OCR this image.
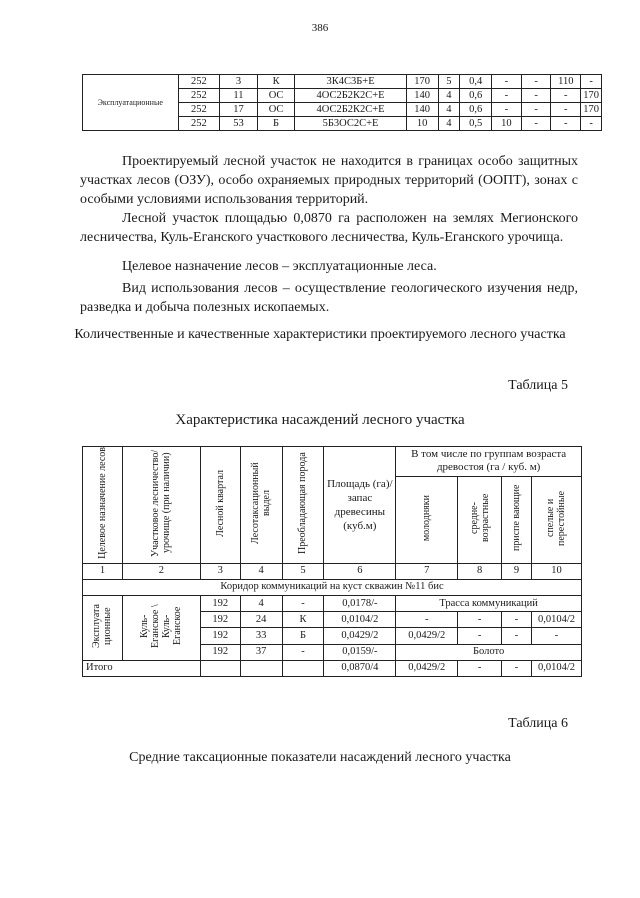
386
Эксплуатационные	252	3	К	3К4С3Б+Е	170	5	0,4	-	-	110	-
	252	11	ОС	4ОС2Б2К2С+Е	140	4	0,6	-	-	-	170
	252	17	ОС	4ОС2Б2К2С+Е	140	4	0,6	-	-	-	170
	252	53	Б	5Б3ОС2С+Е	10	4	0,5	10	-	-	-

Проектируемый лесной участок не находится в границах особо защитных участках лесов (ОЗУ), особо охраняемых природных территорий (ООПТ), зонах с особыми условиями использования территорий.

Лесной участок площадью 0,0870 га расположен на землях Мегионского лесничества, Куль-Еганского участкового лесничества, Куль-Еганского урочища.

Целевое назначение лесов – эксплуатационные леса.

Вид использования лесов – осуществление геологического изучения недр, разведка и добыча полезных ископаемых.

Количественные и качественные характеристики проектируемого лесного участка

Таблица 5

Характеристика насаждений лесного участка

Целевое назначение лесов	Участковое лесничество/урочище (при наличии)	Лесной квартал	Лесотаксационный выдел	Преобладающая порода	Площадь (га)/ запас древесины (куб.м)	В том числе по группам возраста древостоя (га / куб. м)			
						молодняки	средне-возрастные	приспе вающие	спелые и перестойные
1	2	3	4	5	6	7	8	9	10
Коридор коммуникаций на куст скважин №11 бис									
Эксплуата ционные	Куль-Еганское \ Куль-Еганское	192	4	-	0,0178/-	Трасса коммуникаций			
		192	24	К	0,0104/2	-	-	-	0,0104/2
		192	33	Б	0,0429/2	0,0429/2	-	-	-
		192	37	-	0,0159/-	Болото			
Итого					0,0870/4	0,0429/2	-	-	0,0104/2

Таблица 6

Средние таксационные показатели насаждений лесного участка
